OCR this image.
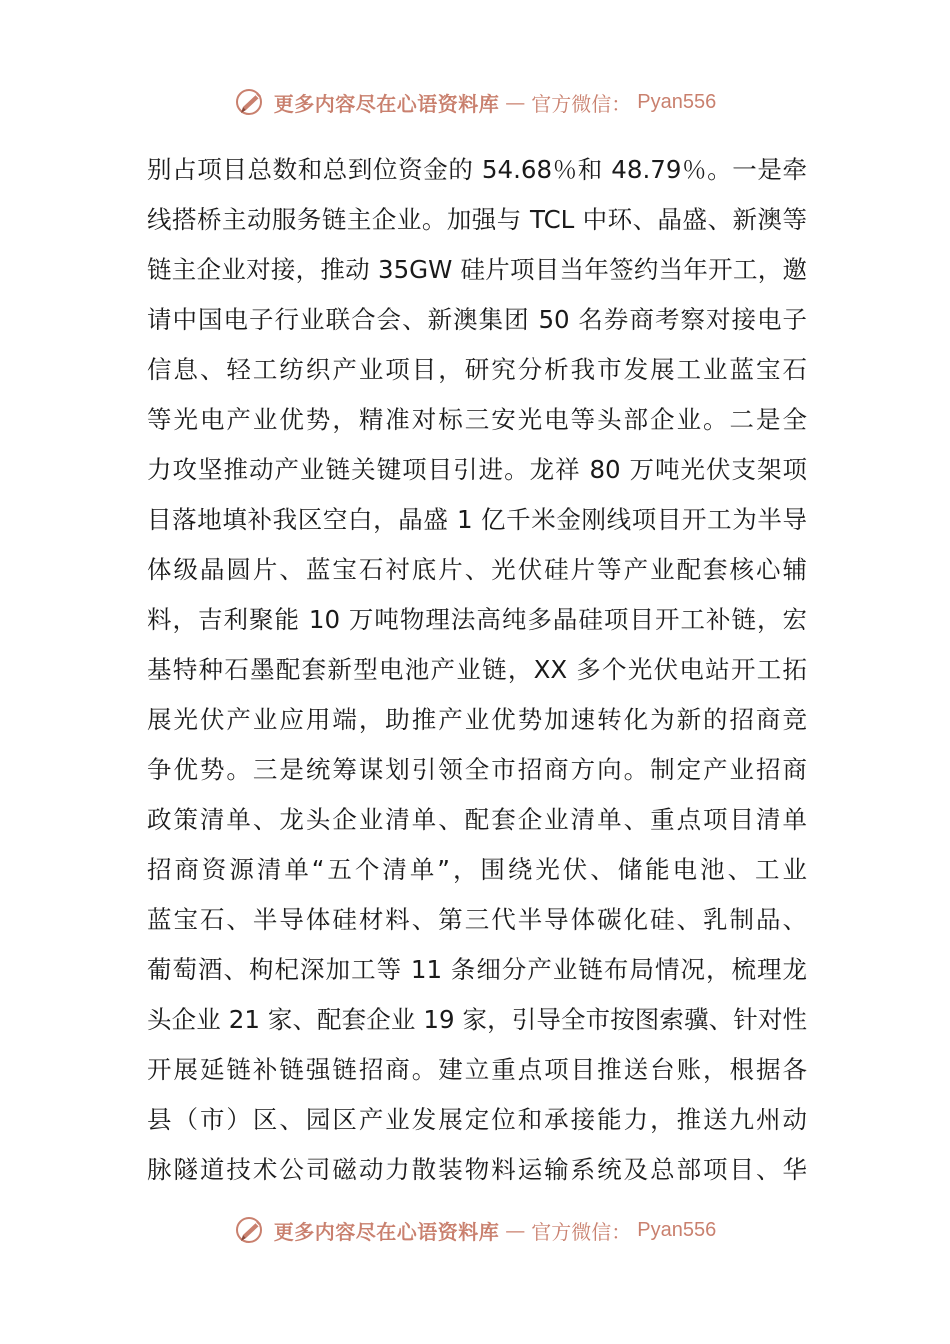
更多内容尽在心语资料库 — 官方微信： Pyan556
别占项目总数和总到位资金的 54.68％和 48.79％。一是牵
线搭桥主动服务链主企业。加强与 TCL 中环、晶盛、新澳等
链主企业对接，推动 35GW 硅片项目当年签约当年开工，邀
请中国电子行业联合会、新澳集团 50 名券商考察对接电子
信息、轻工纺织产业项目，研究分析我市发展工业蓝宝石
等光电产业优势，精准对标三安光电等头部企业。二是全
力攻坚推动产业链关键项目引进。龙祥 80 万吨光伏支架项
目落地填补我区空白，晶盛 1 亿千米金刚线项目开工为半导
体级晶圆片、蓝宝石衬底片、光伏硅片等产业配套核心辅
料，吉利聚能 10 万吨物理法高纯多晶硅项目开工补链，宏
基特种石墨配套新型电池产业链，XX 多个光伏电站开工拓
展光伏产业应用端，助推产业优势加速转化为新的招商竞
争优势。三是统筹谋划引领全市招商方向。制定产业招商
政策清单、龙头企业清单、配套企业清单、重点项目清单
招商资源清单“五个清单”，围绕光伏、储能电池、工业
蓝宝石、半导体硅材料、第三代半导体碳化硅、乳制品、
葡萄酒、枸杞深加工等 11 条细分产业链布局情况，梳理龙
头企业 21 家、配套企业 19 家，引导全市按图索骥、针对性
开展延链补链强链招商。建立重点项目推送台账，根据各
县（市）区、园区产业发展定位和承接能力，推送九州动
脉隧道技术公司磁动力散装物料运输系统及总部项目、华
更多内容尽在心语资料库 — 官方微信： Pyan556
